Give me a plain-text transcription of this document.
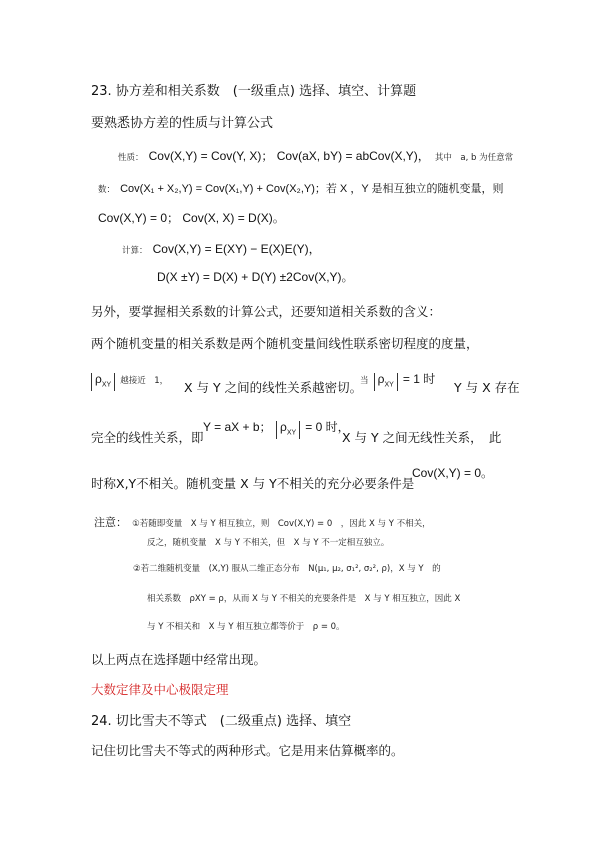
23. 协方差和相关系数　(一级重点) 选择、填空、计算题
要熟悉协方差的性质与计算公式
性质： Cov(X,Y) = Cov(Y, X)； Cov(aX, bY) = abCov(X,Y)， 其中　a, b 为任意常
数： Cov(X₁ + X₂,Y) = Cov(X₁,Y) + Cov(X₂,Y)；若 X ，Y 是相互独立的随机变量，则
Cov(X,Y) = 0； Cov(X, X) = D(X)。
计算： Cov(X,Y) = E(XY) − E(X)E(Y)，
D(X ±Y) = D(X) + D(Y) ±2Cov(X,Y)。
另外，要掌握相关系数的计算公式，还要知道相关系数的含义：
两个随机变量的相关系数是两个随机变量间线性联系密切程度的度量，
$\rho_{XY}$ 越接近　1， X 与 Y 之间的线性关系越密切。
当 $\rho_{XY} = 1$ 时
Y 与 X 存在
完全的线性关系，即
Y = aX + b； $\rho_{XY} = 0$ 时，
X 与 Y 之间无线性关系，　此
时称X,Y不相关。随机变量 X 与 Y不相关的充分必要条件是
Cov(X,Y) = 0。
注意： ①若随即变量　X 与 Y 相互独立，则　Cov(X,Y) = 0　，因此 X 与 Y 不相关，
反之，随机变量　X 与 Y 不相关，但　X 与 Y 不一定相互独立。
②若二维随机变量　(X,Y) 服从二维正态分布　N(μ₁, μ₂, σ₁², σ₂², ρ)，X 与 Y　的
相关系数　ρXY = ρ，从而 X 与 Y 不相关的充要条件是　X 与 Y 相互独立，因此 X
与 Y 不相关和　X 与 Y 相互独立都等价于　ρ = 0。
以上两点在选择题中经常出现。
大数定律及中心极限定理
24. 切比雪夫不等式　(二级重点) 选择、填空
记住切比雪夫不等式的两种形式。它是用来估算概率的。
